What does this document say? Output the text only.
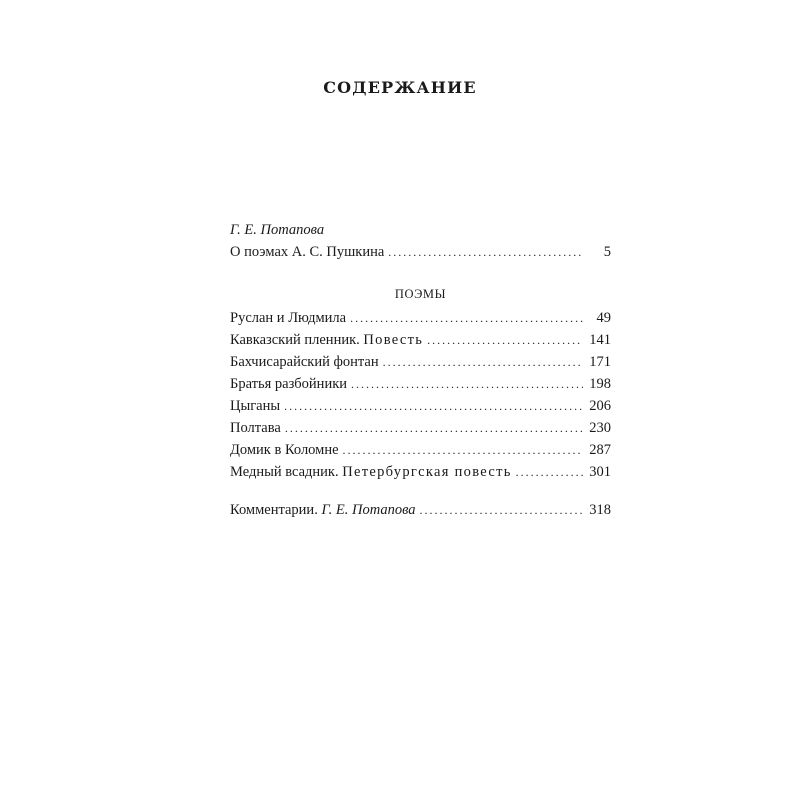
СОДЕРЖАНИЕ
Г. Е. Потапова
О поэмах А. С. Пушкина . . .	5
ПОЭМЫ
Руслан и Людмила . . .	49
Кавказский пленник. Повесть . . .	141
Бахчисарайский фонтан . . .	171
Братья разбойники . . .	198
Цыганы . . .	206
Полтава . . .	230
Домик в Коломне . . .	287
Медный всадник. Петербургская повесть . . .	301
Комментарии. Г. Е. Потапова . . .	318
